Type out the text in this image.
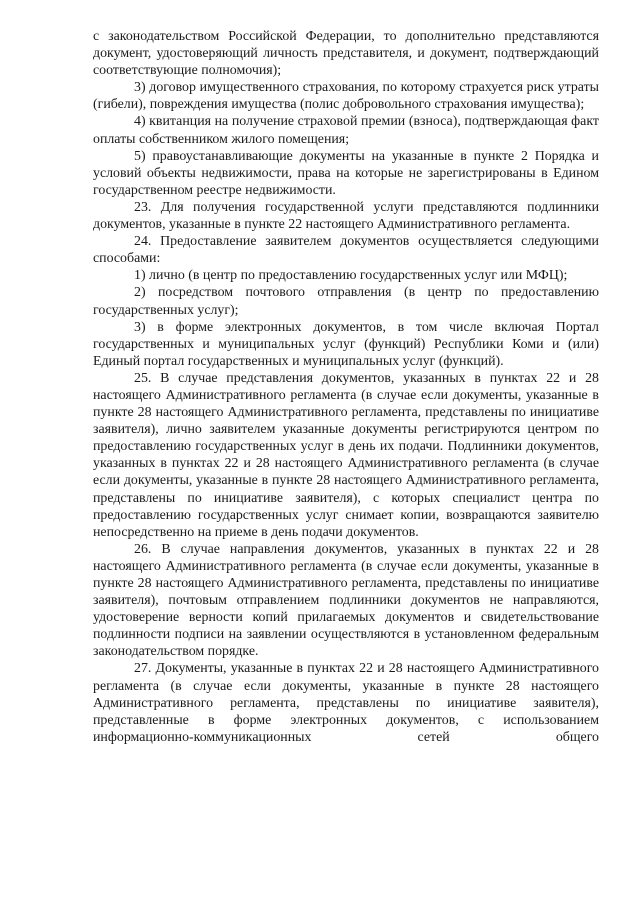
с законодательством Российской Федерации, то дополнительно представляются документ, удостоверяющий личность представителя, и документ, подтверждающий соответствующие полномочия);

3) договор имущественного страхования, по которому страхуется риск утраты (гибели), повреждения имущества (полис добровольного страхования имущества);

4) квитанция на получение страховой премии (взноса), подтверждающая факт оплаты собственником жилого помещения;

5) правоустанавливающие документы на указанные в пункте 2 Порядка и условий объекты недвижимости, права на которые не зарегистрированы в Едином государственном реестре недвижимости.

23. Для получения государственной услуги представляются подлинники документов, указанные в пункте 22 настоящего Административного регламента.

24. Предоставление заявителем документов осуществляется следующими способами:

1) лично (в центр по предоставлению государственных услуг или МФЦ);

2) посредством почтового отправления (в центр по предоставлению государственных услуг);

3) в форме электронных документов, в том числе включая Портал государственных и муниципальных услуг (функций) Республики Коми и (или) Единый портал государственных и муниципальных услуг (функций).

25. В случае представления документов, указанных в пунктах 22 и 28 настоящего Административного регламента (в случае если документы, указанные в пункте 28 настоящего Административного регламента, представлены по инициативе заявителя), лично заявителем указанные документы регистрируются центром по предоставлению государственных услуг в день их подачи. Подлинники документов, указанных в пунктах 22 и 28 настоящего Административного регламента (в случае если документы, указанные в пункте 28 настоящего Административного регламента, представлены по инициативе заявителя), с которых специалист центра по предоставлению государственных услуг снимает копии, возвращаются заявителю непосредственно на приеме в день подачи документов.

26. В случае направления документов, указанных в пунктах 22 и 28 настоящего Административного регламента (в случае если документы, указанные в пункте 28 настоящего Административного регламента, представлены по инициативе заявителя), почтовым отправлением подлинники документов не направляются, удостоверение верности копий прилагаемых документов и свидетельствование подлинности подписи на заявлении осуществляются в установленном федеральным законодательством порядке.

27. Документы, указанные в пунктах 22 и 28 настоящего Административного регламента (в случае если документы, указанные в пункте 28 настоящего Административного регламента, представлены по инициативе заявителя), представленные в форме электронных документов, с использованием информационно-коммуникационных сетей общего
